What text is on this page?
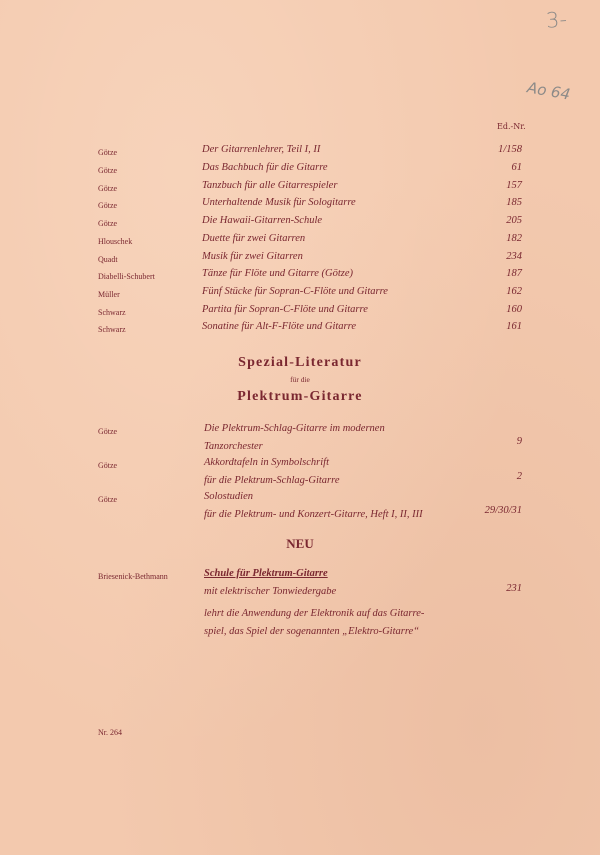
3-
Ao 64
Ed.-Nr.
Götze	Der Gitarrenlehrer, Teil I, II	1/158
Götze	Das Bachbuch für die Gitarre	61
Götze	Tanzbuch für alle Gitarrespieler	157
Götze	Unterhaltende Musik für Sologitarre	185
Götze	Die Hawaii-Gitarren-Schule	205
Hlouschek	Duette für zwei Gitarren	182
Quadt	Musik für zwei Gitarren	234
Diabelli-Schubert	Tänze für Flöte und Gitarre (Götze)	187
Müller	Fünf Stücke für Sopran-C-Flöte und Gitarre	162
Schwarz	Partita für Sopran-C-Flöte und Gitarre	160
Schwarz	Sonatine für Alt-F-Flöte und Gitarre	161
Spezial-Literatur
für die
Plektrum-Gitarre
Götze	Die Plektrum-Schlag-Gitarre im modernen
Tanzorchester	9
Götze	Akkordtafeln in Symbolschrift
für die Plektrum-Schlag-Gitarre	2
Götze	Solostudien
für die Plektrum- und Konzert-Gitarre, Heft I, II, III	29/30/31
NEU
Briesenick-Bethmann	Schule für Plektrum-Gitarre
mit elektrischer Tonwiedergabe	231
lehrt die Anwendung der Elektronik auf das Gitarre-
spiel, das Spiel der sogenannten „Elektro-Gitarre“
Nr. 264
